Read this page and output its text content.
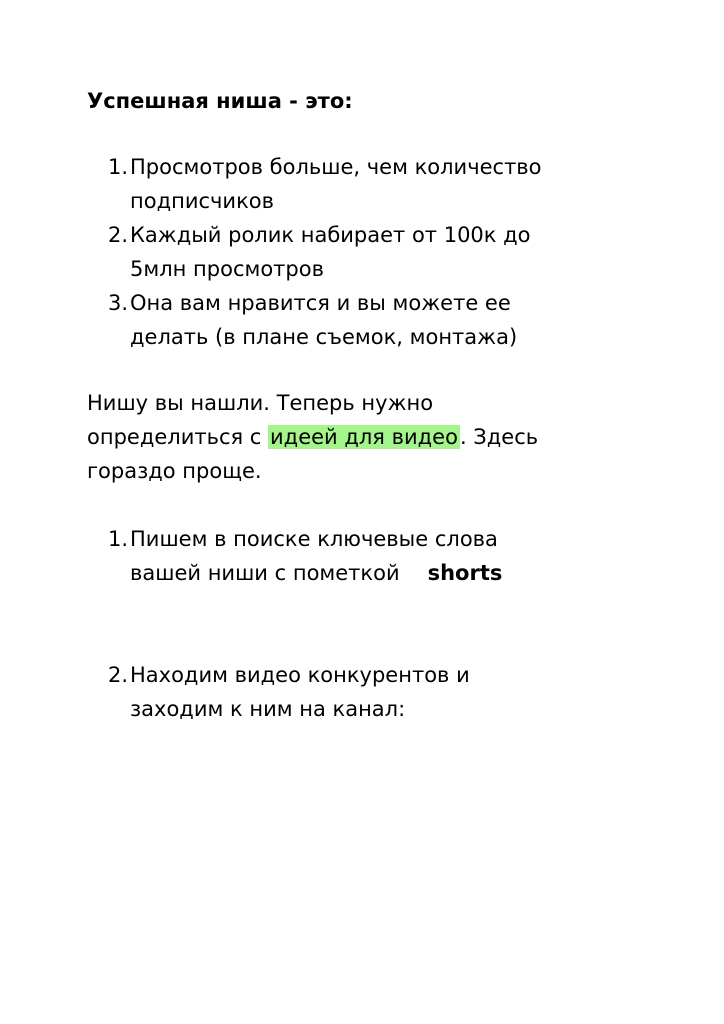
Успешная ниша - это:
1. Просмотров больше, чем количество
подписчиков
2. Каждый ролик набирает от 100к до
5млн просмотров
3. Она вам нравится и вы можете ее
делать (в плане съемок, монтажа)
Нишу вы нашли. Теперь нужно
определиться с идеей для видео. Здесь
гораздо проще.
1. Пишем в поиске ключевые слова
вашей ниши с пометкой shorts
2. Находим видео конкурентов и
заходим к ним на канал:
